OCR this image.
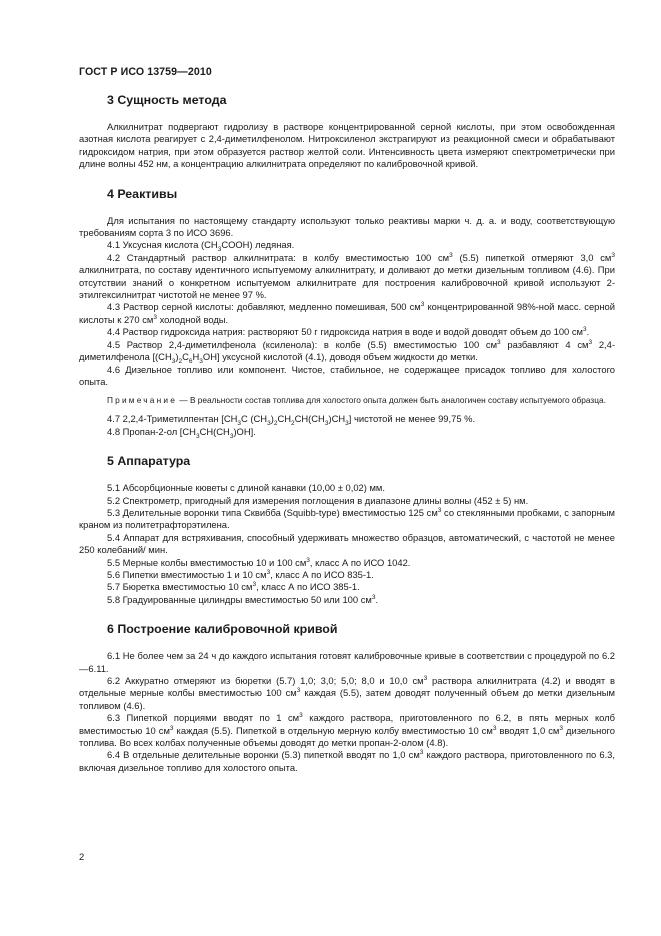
ГОСТ Р ИСО 13759—2010
3 Сущность метода

Алкилнитрат подвергают гидролизу в растворе концентрированной серной кислоты, при этом освобожденная азотная кислота реагирует с 2,4-диметилфенолом. Нитроксиленол экстрагируют из реакционной смеси и обрабатывают гидроксидом натрия, при этом образуется раствор желтой соли. Интенсивность цвета измеряют спектрометрически при длине волны 452 нм, а концентрацию алкилнитрата определяют по калибровочной кривой.

4 Реактивы

Для испытания по настоящему стандарту используют только реактивы марки ч. д. а. и воду, соответствующую требованиям сорта 3 по ИСО 3696.

4.1 Уксусная кислота $(CH_3COOH)$ ледяная.

4.2 Стандартный раствор алкилнитрата: в колбу вместимостью 100 $см^3$ (5.5) пипеткой отмеряют 3,0 $см^3$ алкилнитрата, по составу идентичного испытуемому алкилнитрату, и доливают до метки дизельным топливом (4.6). При отсутствии знаний о конкретном испытуемом алкилнитрате для построения калибровочной кривой используют 2-этилгексилнитрат чистотой не менее 97 %.

4.3 Раствор серной кислоты: добавляют, медленно помешивая, 500 $см^3$ концентрированной 98%-ной масс. серной кислоты к 270 $см^3$ холодной воды.

4.4 Раствор гидроксида натрия: растворяют 50 г гидроксида натрия в воде и водой доводят объем до 100 $см^3$.

4.5 Раствор 2,4-диметилфенола (ксиленола): в колбе (5.5) вместимостью 100 $см^3$ разбавляют 4 $см^3$ 2,4-диметилфенола $[(CH_3)_2C_6H_3OH]$ уксусной кислотой (4.1), доводя объем жидкости до метки.

4.6 Дизельное топливо или компонент. Чистое, стабильное, не содержащее присадок топливо для холостого опыта.

Примечание — В реальности состав топлива для холостого опыта должен быть аналогичен составу испытуемого образца.

4.7 2,2,4-Триметилпентан [$CH_3C$ $(CH_3)_2CH_2CH(CH_3)CH_3$] чистотой не менее 99,75 %.

4.8 Пропан-2-ол $[CH_3CH(CH_3)OH]$.

5 Аппаратура

5.1 Абсорбционные кюветы с длиной канавки (10,00 ± 0,02) мм.

5.2 Спектрометр, пригодный для измерения поглощения в диапазоне длины волны (452 ± 5) нм.

5.3 Делительные воронки типа Сквибба (Squibb-type) вместимостью 125 $см^3$ со стеклянными пробками, с запорным краном из политетрафторэтилена.

5.4 Аппарат для встряхивания, способный удерживать множество образцов, автоматический, с частотой не менее 250 колебаний/ мин.

5.5 Мерные колбы вместимостью 10 и 100 $см^3$, класс А по ИСО 1042.

5.6 Пипетки вместимостью 1 и 10 $см^3$, класс А по ИСО 835-1.

5.7 Бюретка вместимостью 10 $см^3$, класс А по ИСО 385-1.

5.8 Градуированные цилиндры вместимостью 50 или 100 $см^3$.

6 Построение калибровочной кривой

6.1 Не более чем за 24 ч до каждого испытания готовят калибровочные кривые в соответствии с процедурой по 6.2—6.11.

6.2 Аккуратно отмеряют из бюретки (5.7) 1,0; 3,0; 5,0; 8,0 и 10,0 $см^3$ раствора алкилнитрата (4.2) и вводят в отдельные мерные колбы вместимостью 100 $см^3$ каждая (5.5), затем доводят полученный объем до метки дизельным топливом (4.6).

6.3 Пипеткой порциями вводят по 1 $см^3$ каждого раствора, приготовленного по 6.2, в пять мерных колб вместимостью 10 $см^3$ каждая (5.5). Пипеткой в отдельную мерную колбу вместимостью 10 $см^3$ вводят 1,0 $см^3$ дизельного топлива. Во всех колбах полученные объемы доводят до метки пропан-2-олом (4.8).

6.4 В отдельные делительные воронки (5.3) пипеткой вводят по 1,0 $см^3$ каждого раствора, приготовленного по 6.3, включая дизельное топливо для холостого опыта.

2
